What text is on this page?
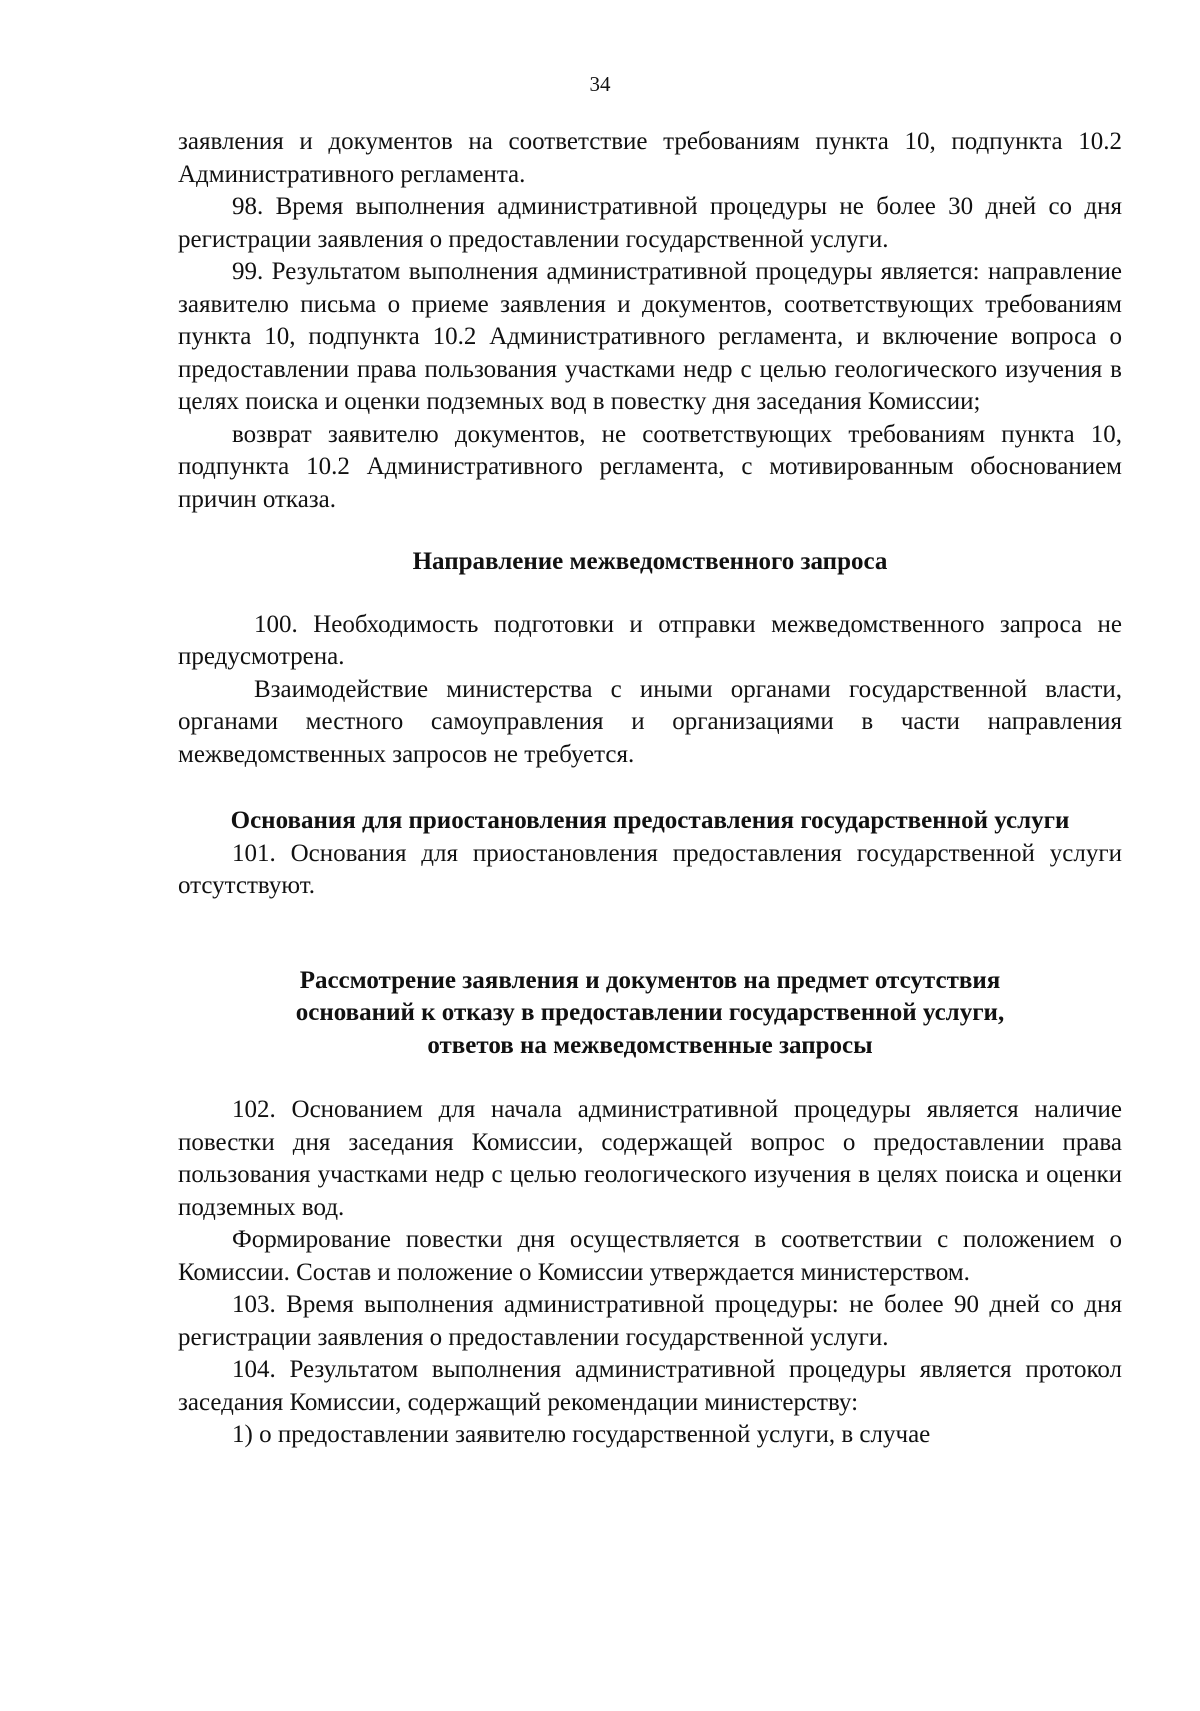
34

заявления и документов на соответствие требованиям пункта 10, подпункта 10.2 Административного регламента.

98. Время выполнения административной процедуры не более 30 дней со дня регистрации заявления о предоставлении государственной услуги.

99. Результатом выполнения административной процедуры является: направление заявителю письма о приеме заявления и документов, соответствующих требованиям пункта 10, подпункта 10.2 Административного регламента, и включение вопроса о предоставлении права пользования участками недр с целью геологического изучения в целях поиска и оценки подземных вод в повестку дня заседания Комиссии;

возврат заявителю документов, не соответствующих требованиям пункта 10, подпункта 10.2 Административного регламента, с мотивированным обоснованием причин отказа.

Направление межведомственного запроса

100. Необходимость подготовки и отправки межведомственного запроса не предусмотрена.

Взаимодействие министерства с иными органами государственной власти, органами местного самоуправления и организациями в части направления межведомственных запросов не требуется.

Основания для приостановления предоставления государственной услуги

101. Основания для приостановления предоставления государственной услуги отсутствуют.

Рассмотрение заявления и документов на предмет отсутствия оснований к отказу в предоставлении государственной услуги, ответов на межведомственные запросы

102. Основанием для начала административной процедуры является наличие повестки дня заседания Комиссии, содержащей вопрос о предоставлении права пользования участками недр с целью геологического изучения в целях поиска и оценки подземных вод.

Формирование повестки дня осуществляется в соответствии с положением о Комиссии. Состав и положение о Комиссии утверждается министерством.

103. Время выполнения административной процедуры: не более 90 дней со дня регистрации заявления о предоставлении государственной услуги.

104. Результатом выполнения административной процедуры является протокол заседания Комиссии, содержащий рекомендации министерству:

1) о предоставлении заявителю государственной услуги, в случае
